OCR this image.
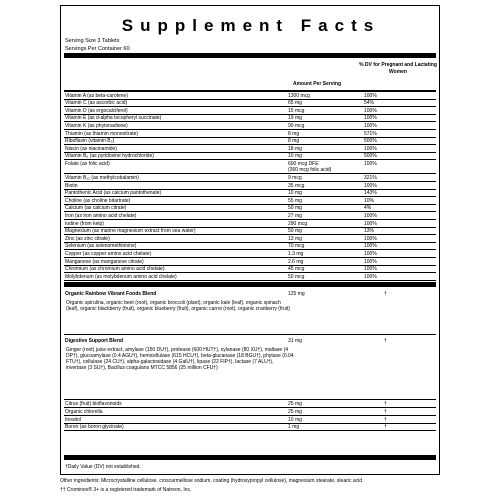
Supplement Facts
Serving Size 3 Tablets
Servings Per Container 60
Amount Per Serving
% DV for Pregnant and Lactating Women
Vitamin A (as beta-carotene)	1300 mcg	100%
Vitamin C (as ascorbic acid)	65 mg	54%
Vitamin D (as ergocalciferol)	15 mcg	100%
Vitamin E (as d-alpha tocopheryl succinate)	19 mg	100%
Vitamin K (as phytonadione)	90 mcg	100%
Thiamin (as thiamin mononitrate)	8 mg	571%
Riboflavin (vitamin B₂)	8 mg	500%
Niacin (as niacinamide)	18 mg	100%
Vitamin B₆ (as pyridoxine hydrochloride)	10 mg	500%
Folate (as folic acid)	600 mcg DFE	100%
(360 mcg folic acid)
Vitamin B₁₂ (as methylcobalamin)	9 mcg	321%
Biotin	35 mcg	100%
Pantothenic Acid (as calcium pantothenate)	10 mg	143%
Choline (as choline bitartrate)	55 mg	10%
Calcium (as calcium citrate)	50 mg	4%
Iron (as iron amino acid chelate)	27 mg	100%
Iodine (from kelp)	290 mcg	100%
Magnesium (as marine magnesium extract from sea water)	50 mg	13%
Zinc (as zinc citrate)	13 mg	100%
Selenium (as selenomethionine)	70 mcg	100%
Copper (as copper amino acid chelate)	1.3 mg	100%
Manganese (as manganese citrate)	2.6 mg	100%
Chromium (as chromium amino acid chelate)	45 mcg	100%
Molybdenum (as molybdenum amino acid chelate)	50 mcg	100%
Organic Rainbow Vibrant Foods Blend	125 mg	†
Organic spirulina, organic beet (root), organic broccoli (plant), organic kale (leaf), organic spinach (leaf), organic blackberry (fruit), organic blueberry (fruit), organic carrot (root), organic cranberry (fruit)
Digestive Support Blend	31 mg	†
Ginger (root) juice extract, amylase (150 DU†), protease (600 HUT†), xylanase (80 XU†), maltase (4 DP†), glucoamylase (0.4 AGU†), hemicellulase (615 HCU†), beta-glucanase (18 BGU†), phytase (0.04 FTU†), cellulase (24 CU†), alpha-galactosidase (4 GalU†), lipase (22 FIP†), lactase (7 ALU†), invertase (3 SU†), Bacillus coagulans MTCC 5856 (25 million CFU†)
Citrus (fruit) bioflavonoids	25 mg	†
Organic chlorella	25 mg	†
Inositol	10 mg	†
Boron (as boron glycinate)	1 mg	†
†Daily Value (DV) not established.
Other ingredients: Microcrystalline cellulose, croscarmellose sodium, coating (hydroxypropyl cellulose), magnesium stearate, stearic acid
†† Crominex® 3+ is a registered trademark of Natreon, Inc.
